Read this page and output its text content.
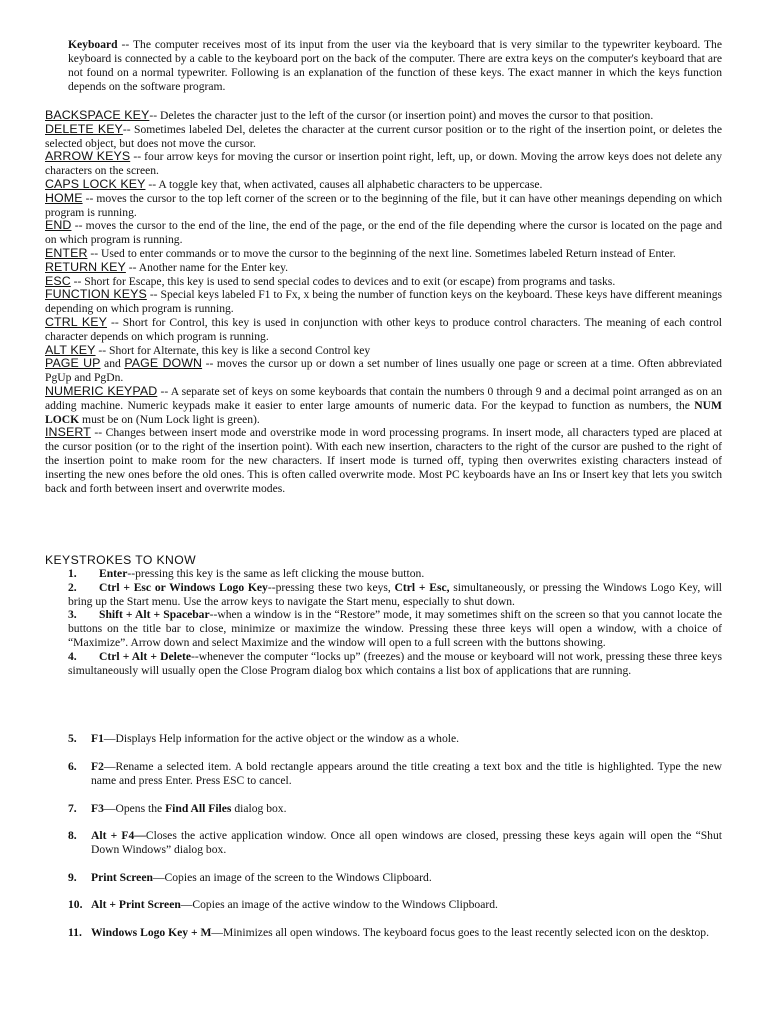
Keyboard -- The computer receives most of its input from the user via the keyboard that is very similar to the typewriter keyboard. The keyboard is connected by a cable to the keyboard port on the back of the computer. There are extra keys on the computer's keyboard that are not found on a normal typewriter. Following is an explanation of the function of these keys. The exact manner in which the keys function depends on the software program.

BACKSPACE KEY-- Deletes the character just to the left of the cursor (or insertion point) and moves the cursor to that position.

DELETE KEY-- Sometimes labeled Del, deletes the character at the current cursor position or to the right of the insertion point, or deletes the selected object, but does not move the cursor.

ARROW KEYS -- four arrow keys for moving the cursor or insertion point right, left, up, or down. Moving the arrow keys does not delete any characters on the screen.

CAPS LOCK KEY -- A toggle key that, when activated, causes all alphabetic characters to be uppercase.

HOME -- moves the cursor to the top left corner of the screen or to the beginning of the file, but it can have other meanings depending on which program is running.

END -- moves the cursor to the end of the line, the end of the page, or the end of the file depending where the cursor is located on the page and on which program is running.

ENTER -- Used to enter commands or to move the cursor to the beginning of the next line. Sometimes labeled Return instead of Enter.

RETURN KEY -- Another name for the Enter key.

ESC -- Short for Escape, this key is used to send special codes to devices and to exit (or escape) from programs and tasks.

FUNCTION KEYS -- Special keys labeled F1 to Fx, x being the number of function keys on the keyboard. These keys have different meanings depending on which program is running.

CTRL KEY -- Short for Control, this key is used in conjunction with other keys to produce control characters. The meaning of each control character depends on which program is running.

ALT KEY -- Short for Alternate, this key is like a second Control key

PAGE UP and PAGE DOWN -- moves the cursor up or down a set number of lines usually one page or screen at a time. Often abbreviated PgUp and PgDn.

NUMERIC KEYPAD -- A separate set of keys on some keyboards that contain the numbers 0 through 9 and a decimal point arranged as on an adding machine. Numeric keypads make it easier to enter large amounts of numeric data. For the keypad to function as numbers, the NUM LOCK must be on (Num Lock light is green).

INSERT -- Changes between insert mode and overstrike mode in word processing programs. In insert mode, all characters typed are placed at the cursor position (or to the right of the insertion point). With each new insertion, characters to the right of the cursor are pushed to the right of the insertion point to make room for the new characters. If insert mode is turned off, typing then overwrites existing characters instead of inserting the new ones before the old ones. This is often called overwrite mode. Most PC keyboards have an Ins or Insert key that lets you switch back and forth between insert and overwrite modes.

KEYSTROKES TO KNOW

1. Enter--pressing this key is the same as left clicking the mouse button.

2. Ctrl + Esc or Windows Logo Key--pressing these two keys, Ctrl + Esc, simultaneously, or pressing the Windows Logo Key, will bring up the Start menu. Use the arrow keys to navigate the Start menu, especially to shut down.

3. Shift + Alt + Spacebar--when a window is in the “Restore” mode, it may sometimes shift on the screen so that you cannot locate the buttons on the title bar to close, minimize or maximize the window. Pressing these three keys will open a window, with a choice of “Maximize”. Arrow down and select Maximize and the window will open to a full screen with the buttons showing.

4. Ctrl + Alt + Delete--whenever the computer “locks up” (freezes) and the mouse or keyboard will not work, pressing these three keys simultaneously will usually open the Close Program dialog box which contains a list box of applications that are running.

5. F1—Displays Help information for the active object or the window as a whole.
6. F2—Rename a selected item. A bold rectangle appears around the title creating a text box and the title is highlighted. Type the new name and press Enter. Press ESC to cancel.
7. F3—Opens the Find All Files dialog box.
8. Alt + F4—Closes the active application window. Once all open windows are closed, pressing these keys again will open the “Shut Down Windows” dialog box.
9. Print Screen—Copies an image of the screen to the Windows Clipboard.
10. Alt + Print Screen—Copies an image of the active window to the Windows Clipboard.
11. Windows Logo Key + M—Minimizes all open windows. The keyboard focus goes to the least recently selected icon on the desktop.
